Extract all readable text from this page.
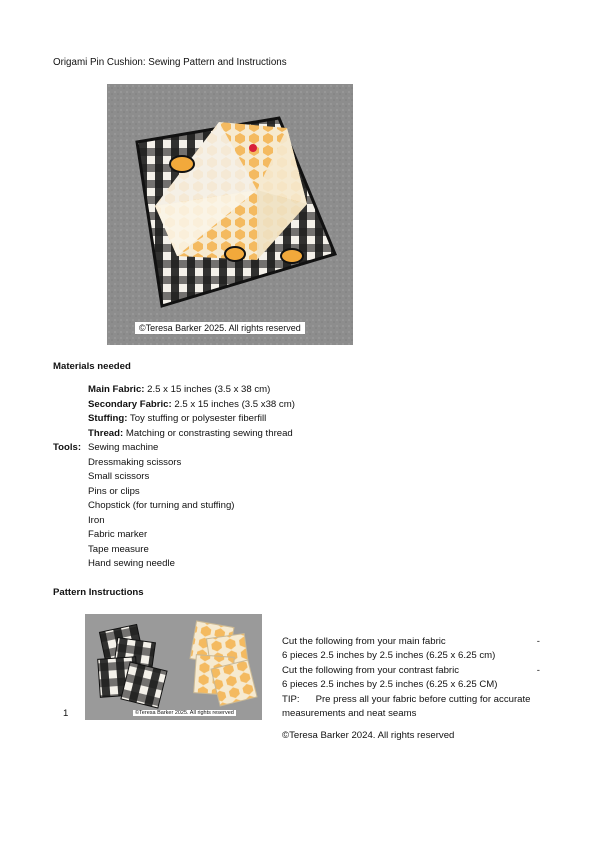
Origami Pin Cushion: Sewing Pattern and Instructions
©Teresa Barker 2025. All rights reserved
Materials needed
Main Fabric: 2.5 x 15 inches (3.5 x 38 cm)
Secondary Fabric: 2.5 x 15 inches (3.5 x38 cm)
Stuffing: Toy stuffing or polysester fiberfill
Thread: Matching or constrasting sewing thread
Tools: Sewing machine
Dressmaking scissors
Small scissors
Pins or clips
Chopstick (for turning and stuffing)
Iron
Fabric marker
Tape measure
Hand sewing needle
Pattern Instructions
©Teresa Barker 2025. All rights reserved
1
Cut the following from your main fabric	-
6 pieces 2.5 inches by 2.5 inches (6.25 x 6.25 cm)
Cut the following from your contrast fabric	-
6 pieces 2.5 inches by 2.5 inches (6.25 x 6.25 CM)
TIP:      Pre press all your fabric before cutting for accurate
measurements and neat seams
©Teresa Barker 2024. All rights reserved
